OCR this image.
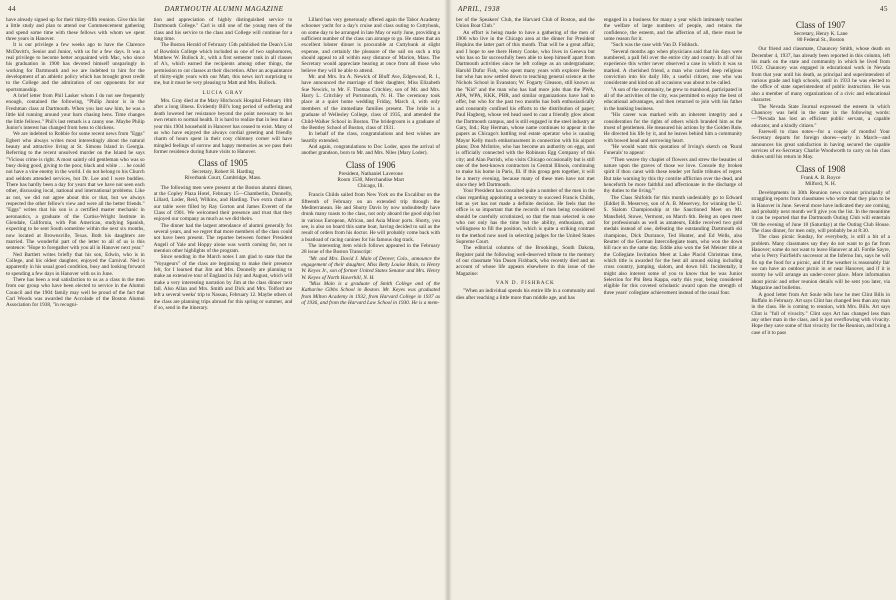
44	DARTMOUTH ALUMNI MAGAZINE

have already signed up for their thirty-fifth reunion. Give this list a little study and plan to attend our Commencement gathering and spend some time with these fellows with whom we spent three years in Hanover.

It is our privilege a few weeks ago to have the Clarence McDavitt's, Senior and Junior, with us for a few days. It was a real privilege to become better acquainted with Mac, who since his graduation in 1900 has devoted himself unsparingly in working for Dartmouth and we are indebted to him for the development of an athletic policy which has brought great credit to the College and the admiration of our opponents for our sportsmanship.

A brief letter from Phil Lasker whom I do not see frequently enough, contained the following, "Philip Junior is in the Freshman class at Dartmouth. When you last saw him, he was a little kid running around your barn chasing hens. Time changes the little fellows." Phil's last remark is a canny one. Maybe Philip Junior's interest has changed from hens to chickens.

We are indebted to Robbie for some recent news from "Eggs" Egbert who always writes most interestingly about the natural beauty and attractive living at St. Simons Island in Georgia. Referring to the recent unsolved murder on the Island he says "Vicious crime is right. A most saintly old gentleman who was so busy doing good, giving to the poor, black and white . . . he could not have a vine enemy in the world. I do not belong to his Church and seldom attended services, but Dr. Lee and I were buddies. There has hardly been a day for years that we have not seen each other, discussing local, national and international problems. Like as not, we did not agree about this or that, but we always respected the other fellow's view and were all the better friends." "Eggs" writes that his son is a certified master mechanic in aeronautics, a graduate of the Curtiss-Wright Institute in Glendale, California, with Pan American, studying Spanish, expecting to be sent South sometime within the next six months, now located at Brownsville, Texas. Both his daughters are married. The wonderful part of the letter to all of us is this sentence: "Hope to foregather with you all in Hanover next year."

Ned Bartlett writes briefly that his son, Edwin, who is in College, and his oldest daughter, enjoyed the Carnival. Ned is apparently in his usual good condition, busy and looking forward to spending a few days in Hanover with us in June.

There has been a real satisfaction to us as a class in the men from our group who have been elected to service in the Alumni Council and the 1904 family may well be proud of the fact that Carl Woods was awarded the Accolade of the Boston Alumni Association for 1938, "in recogni-

tion and appreciation of highly distinguished service to Dartmouth College." Carl is still one of the young men of the class and his service to the class and College will continue for a long time.

The Boston Herald of February 15th published the Dean's List of Bowdoin College which included as one of two sophomores, Matthew W. Bullock Jr., with a first semester rank in all classes of A's, which earned the recipients among other things, the permission to cut classes at their discretion. After an acquaintance of thirty-eight years with our Matt, this news isn't surprising to me, but it must be very pleasing to Matt and Mrs. Bullock.

LUCIA GRAY

Mrs. Gray died at the Mary Hitchcock Hospital February 10th after a long illness. Evidently Bill's long period of suffering and death lowered her resistance beyond the point necessary to her own return to normal health. It is hard to realize that in less than a year this 1904 household in Hanover has ceased to exist. Many of us who have enjoyed the always cordial greeting and friendly charm of hours spent in their cosy chimney corner will have mingled feelings of sorrow and happy memories as we pass their former residence during future visits to Hanover.

Class of 1905
Secretary, Robert H. Harding
Riverbank Court, Cambridge, Mass.

The following men were present at the Boston alumni dinner, at the Copley Plaza Hotel, February 15—Chamberlin, Donnelly, Lillard, Loder, Reid, Wilkins, and Harding. Two extra chairs at our table were filled by Ray Gorton and James Everett of the Class of 1901. We welcomed their presence and trust that they enjoyed our company as much as we did theirs.

The dinner had the largest attendance of alumni generally for several years, and we regret that more members of the class could not have been present. The repartee between former President Angell of Yale and Hoppy alone was worth coming for, not to mention other highlights of the program.

Since sending in the March notes I am glad to state that the "Voyageurs" of the class are beginning to make their presence felt, for I learned that Jim and Mrs. Donnelly are planning to make an extensive tour of England in July and August, which will make a very interesting narration by Jim at the class dinner next fall. Also Allan and Mrs. Smith and Dick and Mrs. Tolford are left a several weeks' trip to Nassau, February 12. Maybe others of the class are planning trips abroad for this spring or summer, and if so, send in the itinerary.

Lillard has very generously offered again the Tabor Academy schooner yacht for a day's cruise and class outing to Cuttyhunk, on some day to be arranged in late May or early June, providing a sufficient number of the class can arrange to go. He states that an excellent lobster dinner is procurable at Cuttyhunk at slight expense, and certainly the pleasure of the sail on such a trip should appeal to all within easy distance of Marion, Mass. The Secretary would appreciate hearing at once from all those who believe they will be able to attend.

Mr. and Mrs. Ira A. Newick of Bluff Ave, Edgewood, R. I., have announced the marriage of their daughter, Miss Elizabeth Sue Newick, to Mr. F. Thomas Critchley, son of Mr. and Mrs. Harry L. Critchley of Portsmouth, N. H. The ceremony took place at a quiet home wedding Friday, March 4, with only members of the immediate families present. The bride is a graduate of Wellesley College, class of 1935, and attended the Child-Walker School in Boston. The bridegroom is a graduate of the Bentley School of Boston, class of 1931.

In behalf of the class, congratulations and best wishes are heartily extended.

And again, congratulations to Doc Loder, upon the arrival of another grandson, born to Mr. and Mrs. Niles (Mary Loder).

Class of 1906
President, Nathaniel Laverone
Room 1530, Merchandise Mart
Chicago, Ill.

Francis Childs sailed from New York on the Excalibur on the fifteenth of February on an extended trip through the Mediterranean. He and Shorty Davis by now undoubtedly have drunk many toasts to the class, not only aboard the good ship but in various European, African, and Asia Minor ports. Shorty, you see, is also on board this same boat, having decided to sail as the result of orders from his doctor. He will probably come back with a boatload of racing canines for his famous dog track.

The interesting item which follows appeared in the February 28 issue of the Boston Transcript:

"Mr. and Mrs. David J. Main of Denver, Colo., announce the engagement of their daughter, Miss Betty Louise Main, to Henry W. Keyes Jr., son of former United States Senator and Mrs. Henry W. Keyes of North Haverhill, N. H.

"Miss Main is a graduate of Smith College and of the Katharine Gibbs School in Boston. Mr. Keyes was graduated from Milton Academy in 1932, from Harvard College in 1937 as of 1936, and from the Harvard Law School in 1930. He is a mem-

APRIL, 1938	45

ber of the Speakers' Club, the Harvard Club of Boston, and the Union Boat Club."

An effort is being made to have a gathering of the men of 1906 who live in the Chicago area at the dinner for President Hopkins the latter part of this month. That will be a great affair, and I hope to see there Henry Cooke, who lives in Geneva but who has so far successfully been able to keep himself apart from Dartmouth activities since he left college as an undergraduate; Harold Dufur Fish, who spent many years with explorer Beebe but who has now settled down to teaching general science at the Nichols School in Evanston; W. Fogarty Gleason, still known as the "Kid" and the man who has had more jobs than the PWA, APA, WPA, KKK, PBR, and similar organizations have had to offer, but who for the past two months has both enthusiastically and constantly confined his efforts to the distribution of paper; Paul Hagberg, whose red head used to cast a friendly glow about the Dartmouth campus, and is still engaged in the steel industry at Gary, Ind.; Ray Herman, whose name continues to appear in the papers as Chicago's battling real estate operator who is causing Mayor Kelly much embarrassment in connection with his airport plans; Don McIntire, who has become an authority on eggs, and is officially connected with the Robinson Egg Company of this city; and Alan Parrish, who visits Chicago occasionally but is still one of the best-known contractors in Central Illinois, continuing to make his home in Paris, Ill. If this group gets together, it will be a merry evening, because many of these men have not met since they left Dartmouth.

Your President has consulted quite a number of the men in the class regarding appointing a secretary to succeed Francis Childs, but as yet has not made a definite decision. He feels that the office is so important that the records of men being considered should be carefully scrutinized, so that the man selected is one who not only has the time but the ability, enthusiasm, and willingness to fill the position, which is quite a striking contrast to the method now used in selecting judges for the United States Supreme Court.

The editorial columns of the Brookings, South Dakota, Register paid the following well-deserved tribute to the memory of our classmate Van Dusen Fishback, who recently died and an account of whose life appears elsewhere in this issue of the Magazine:

VAN D. FISHBACK

"When an individual spends his entire life in a community and dies after reaching a little more than middle age, and has

engaged in a business for many a year which intimately touches the welfare of large numbers of people, and retains the confidence, the esteem, and the affection of all, there must be some reason for it.

"Such was the case with Van D. Fishback.

"Several months ago when physicians said that his days were numbered, a pall fell over the entire city and county. In all of his experience this writer never observed a case in which it was so marked. A cherished friend, a man who carried deep religious conviction into his daily life, a useful citizen, one who was considerate and kind on all occasions was about to be called.

"A son of the community, he grew to manhood, participated in all of the activities of the city, was permitted to enjoy the best of educational advantages, and then returned to join with his father in the banking business.

"His career was marked with an inherent integrity and a consideration for the rights of others which branded him as the truest of gentlemen. He measured his actions by the Golden Rule. He directed his life by it, and he leaves behind him a community with bowed head and sorrowing heart.

"He would want this quotation of Irving's sketch on 'Rural Funerals' to appear:

"'Then weave thy chaplet of flowers and strew the beauties of nature upon the graves of those we love. Console thy broken spirit if thou canst with these tender yet futile tributes of regret. But take warning by this thy contrite affliction over the dead, and henceforth be more faithful and affectionate in the discharge of thy duties to the living.'"

The Class Shifolds for this month undeniably go to Edward (Eddie) B. Meservey, son of A. B. Meservey, for winning the U. S. Slalom Championship at the Sanctioned Meet on Mt. Mansfield, Stowe, Vermont, on March 6th. Being an open meet for professionals as well as amateurs, Eddie received two gold medals instead of one, defeating the outstanding Dartmouth ski champions, Dick Durrance, Ted Hunter, and Ed Wells, also Reutter of the German Intercollegiate team, who won the down hill race on the same day. Eddie also won the Sel Meister title at the Collegiate Invitation Meet at Lake Placid Christmas time, which title is awarded for the best all around skiing including cross country, jumping, slalom, and down hill. Incidentally, it might also interest some of you to know that he was Junior Selection for Phi Beta Kappa, early this year, being considered eligible for this coveted scholastic award upon the strength of three years' collegiate achievement instead of the usual four.

Class of 1907
Secretary, Henry K. Lane
80 Federal St., Boston

Our friend and classmate, Chauncey Smith, whose death on December 4, 1937, has already been reported in this column, left his mark on the state and community in which he lived from 1912. Chauncey was engaged in educational work in Nevada from that year until his death, as principal and superintendent of various grade and high schools, until in 1933 he was elected to the office of state superintendent of public instruction. He was also a member of many organizations of a civic and educational character.

The Nevada State Journal expressed the esteem in which Chauncey was held in the state in the following words:—"Nevada has lost an efficient public servant, a capable educator, and a kindly citizen."

Farewell to class notes—for a couple of months! Your Secretary departs for foreign shores—early in March—and announces his great satisfaction in having secured the capable services of ex-Secretary Charlie Woodworth to carry on his class duties until his return in May.

Class of 1908
Frank A. B. Royce
Milford, N. H.

Developments in 30th Reunion news consist principally of straggling reports from classmates who write that they plan to be in Hanover in June. Several more have indicated they are coming, and probably next month we'll give you the list. In the meantime it can be reported that the Dartmouth Outing Club will entertain '08 the evening of June 18 (Saturday) at the Outing Club House. The class dinner, for men only, will probably be at 8:30.

The class picnic Sunday, for everybody, is still a bit of a problem. Many classmates say they do not want to go far from Hanover; some do not want to leave Hanover at all. Fordie Sayre, who is Perry Fairfield's successor at the Inferno Inn, says he will fix up the food for a picnic, and if the weather is reasonably fair we can have an outdoor picnic in or near Hanover, and if it is stormy he will arrange an under-cover place. More information about picnic and other reunion details will be sent you later, via Magazine and bulletins.

A good letter from Art Soule tells how he met Clint Bills in Buffalo in February. Art says Clint has changed less than any man in the class. He is coming to reunion, with Mrs. Bills. Art says Clint is "full of vivacity." Clint says Art has changed less than any other man in the class, and is just overflowing with vivacity. Hope they save some of that vivacity for the Reunion, and bring a case of it to pass
